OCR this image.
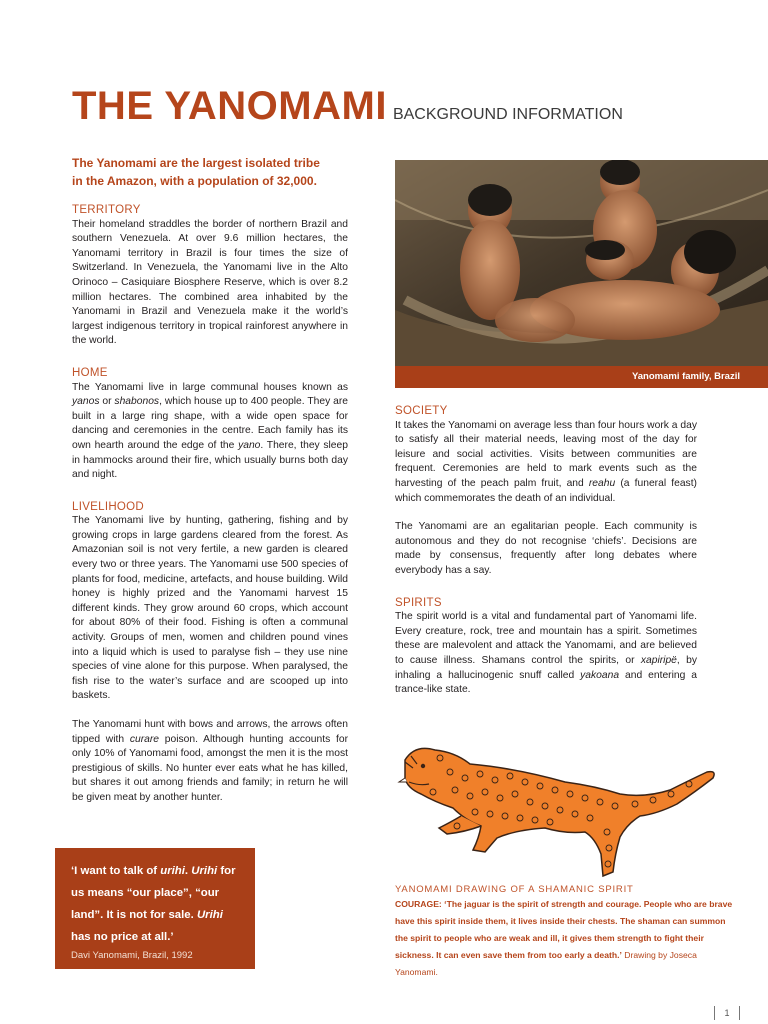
THE YANOMAMI BACKGROUND INFORMATION
The Yanomami are the largest isolated tribe
in the Amazon, with a population of 32,000.

TERRITORY

Their homeland straddles the border of northern Brazil and southern Venezuela. At over 9.6 million hectares, the Yanomami territory in Brazil is four times the size of Switzerland. In Venezuela, the Yanomami live in the Alto Orinoco – Casiquiare Biosphere Reserve, which is over 8.2 million hectares. The combined area inhabited by the Yanomami in Brazil and Venezuela make it the world’s largest indigenous territory in tropical rainforest anywhere in the world.

HOME

The Yanomami live in large communal houses known as yanos or shabonos, which house up to 400 people. They are built in a large ring shape, with a wide open space for dancing and ceremonies in the centre. Each family has its own hearth around the edge of the yano. There, they sleep in hammocks around their fire, which usually burns both day and night.

LIVELIHOOD

The Yanomami live by hunting, gathering, fishing and by growing crops in large gardens cleared from the forest. As Amazonian soil is not very fertile, a new garden is cleared every two or three years. The Yanomami use 500 species of plants for food, medicine, artefacts, and house building. Wild honey is highly prized and the Yanomami harvest 15 different kinds. They grow around 60 crops, which account for about 80% of their food. Fishing is often a communal activity. Groups of men, women and children pound vines into a liquid which is used to paralyse fish – they use nine species of vine alone for this purpose. When paralysed, the fish rise to the water’s surface and are scooped up into baskets.

The Yanomami hunt with bows and arrows, the arrows often tipped with curare poison. Although hunting accounts for only 10% of Yanomami food, amongst the men it is the most prestigious of skills. No hunter ever eats what he has killed, but shares it out among friends and family; in return he will be given meat by another hunter.

Yanomami family, Brazil

SOCIETY

It takes the Yanomami on average less than four hours work a day to satisfy all their material needs, leaving most of the day for leisure and social activities. Visits between communities are frequent. Ceremonies are held to mark events such as the harvesting of the peach palm fruit, and reahu (a funeral feast) which commemorates the death of an individual.

The Yanomami are an egalitarian people. Each community is autonomous and they do not recognise ‘chiefs’. Decisions are made by consensus, frequently after long debates where everybody has a say.

SPIRITS

The spirit world is a vital and fundamental part of Yanomami life. Every creature, rock, tree and mountain has a spirit. Sometimes these are malevolent and attack the Yanomami, and are believed to cause illness. Shamans control the spirits, or xapiripë, by inhaling a hallucinogenic snuff called yakoana and entering a trance-like state.

‘I want to talk of urihi. Urihi for us means “our place”, “our land”. It is not for sale. Urihi has no price at all.’
Davi Yanomami, Brazil, 1992
YANOMAMI DRAWING OF A SHAMANIC SPIRIT
COURAGE: ‘The jaguar is the spirit of strength and courage. People who are brave have this spirit inside them, it lives inside their chests. The shaman can summon the spirit to people who are weak and ill, it gives them strength to fight their sickness. It can even save them from too early a death.’ Drawing by Joseca Yanomami.
1
